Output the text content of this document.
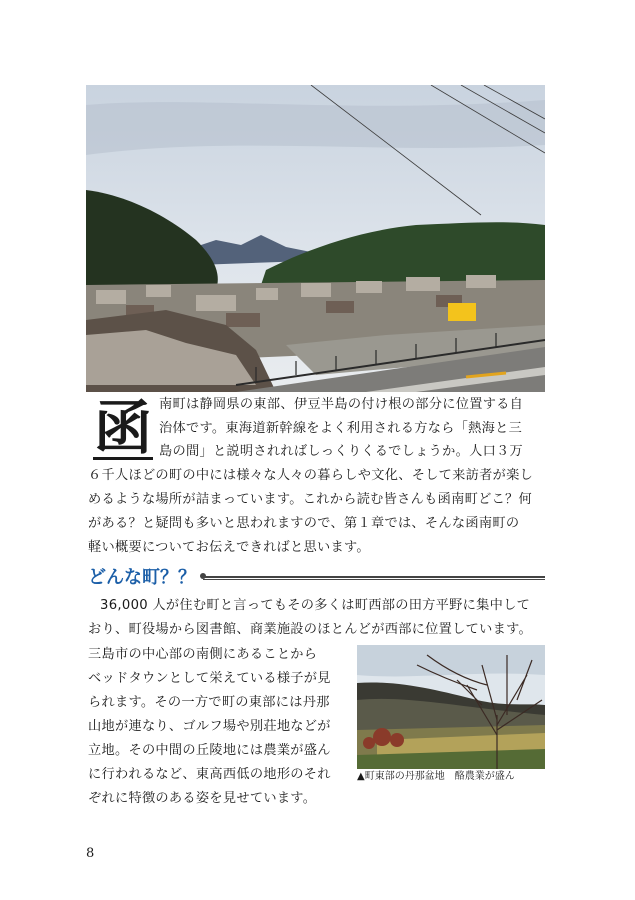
函 南町は静岡県の東部、伊豆半島の付け根の部分に位置する自
治体です。東海道新幹線をよく利用される方なら「熱海と三
島の間」と説明されればしっくりくるでしょうか。人口３万
６千人ほどの町の中には様々な人々の暮らしや文化、そして来訪者が楽し
めるような場所が詰まっています。これから読む皆さんも函南町どこ？何
がある？と疑問も多いと思われますので、第１章では、そんな函南町の
軽い概要についてお伝えできればと思います。
どんな町？？
36,000 人が住む町と言ってもその多くは町西部の田方平野に集中して
おり、町役場から図書館、商業施設のほとんどが西部に位置しています。
三島市の中心部の南側にあることから
ベッドタウンとして栄えている様子が見
られます。その一方で町の東部には丹那
山地が連なり、ゴルフ場や別荘地などが
立地。その中間の丘陵地には農業が盛ん
に行われるなど、東高西低の地形のそれ
ぞれに特徴のある姿を見せています。
▲町東部の丹那盆地　酪農業が盛ん
8
